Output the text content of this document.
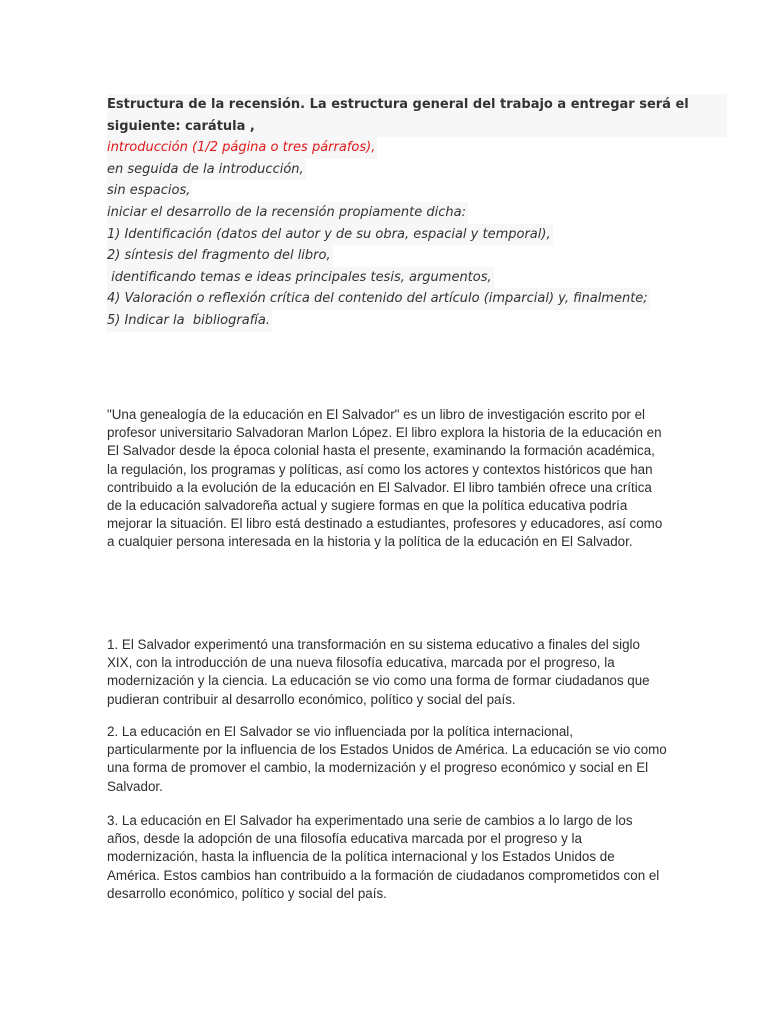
Estructura de la recensión. La estructura general del trabajo a entregar será el siguiente: carátula ,
introducción (1/2 página o tres párrafos),
en seguida de la introducción,
sin espacios,
iniciar el desarrollo de la recensión propiamente dicha:
1) Identificación (datos del autor y de su obra, espacial y temporal),
2) síntesis del fragmento del libro,
identificando temas e ideas principales tesis, argumentos,
4) Valoración o reflexión crítica del contenido del artículo (imparcial) y, finalmente;
5) Indicar la  bibliografía.

"Una genealogía de la educación en El Salvador" es un libro de investigación escrito por el profesor universitario Salvadoran Marlon López. El libro explora la historia de la educación en El Salvador desde la época colonial hasta el presente, examinando la formación académica, la regulación, los programas y políticas, así como los actores y contextos históricos que han contribuido a la evolución de la educación en El Salvador. El libro también ofrece una crítica de la educación salvadoreña actual y sugiere formas en que la política educativa podría mejorar la situación. El libro está destinado a estudiantes, profesores y educadores, así como a cualquier persona interesada en la historia y la política de la educación en El Salvador.

1. El Salvador experimentó una transformación en su sistema educativo a finales del siglo XIX, con la introducción de una nueva filosofía educativa, marcada por el progreso, la modernización y la ciencia. La educación se vio como una forma de formar ciudadanos que pudieran contribuir al desarrollo económico, político y social del país.

2. La educación en El Salvador se vio influenciada por la política internacional, particularmente por la influencia de los Estados Unidos de América. La educación se vio como una forma de promover el cambio, la modernización y el progreso económico y social en El Salvador.

3. La educación en El Salvador ha experimentado una serie de cambios a lo largo de los años, desde la adopción de una filosofía educativa marcada por el progreso y la modernización, hasta la influencia de la política internacional y los Estados Unidos de América. Estos cambios han contribuido a la formación de ciudadanos comprometidos con el desarrollo económico, político y social del país.
